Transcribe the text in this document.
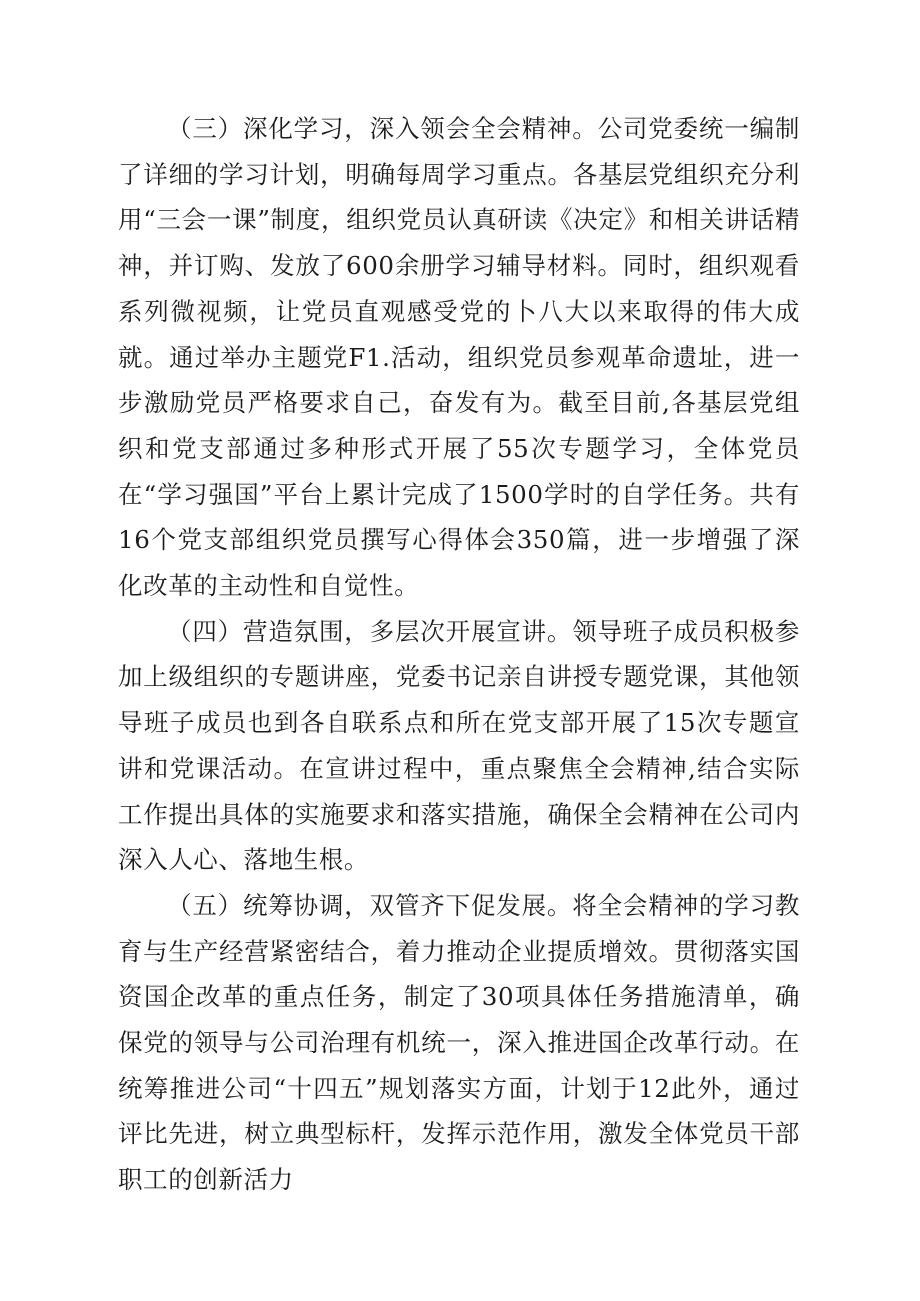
（三）深化学习，深入领会全会精神。公司党委统一编制了详细的学习计划，明确每周学习重点。各基层党组织充分利用“三会一课”制度，组织党员认真研读《决定》和相关讲话精神，并订购、发放了600余册学习辅导材料。同时，组织观看系列微视频，让党员直观感受党的卜八大以来取得的伟大成就。通过举办主题党F1.活动，组织党员参观革命遗址，进一步激励党员严格要求自己，奋发有为。截至目前,各基层党组织和党支部通过多种形式开展了55次专题学习，全体党员在“学习强国”平台上累计完成了1500学时的自学任务。共有16个党支部组织党员撰写心得体会350篇，进一步增强了深化改革的主动性和自觉性。

（四）营造氛围，多层次开展宣讲。领导班子成员积极参加上级组织的专题讲座，党委书记亲自讲授专题党课，其他领导班子成员也到各自联系点和所在党支部开展了15次专题宣讲和党课活动。在宣讲过程中，重点聚焦全会精神,结合实际工作提出具体的实施要求和落实措施，确保全会精神在公司内深入人心、落地生根。

（五）统筹协调，双管齐下促发展。将全会精神的学习教育与生产经营紧密结合，着力推动企业提质增效。贯彻落实国资国企改革的重点任务，制定了30项具体任务措施清单，确保党的领导与公司治理有机统一，深入推进国企改革行动。在统筹推进公司“十四五”规划落实方面，计划于12此外，通过评比先进，树立典型标杆，发挥示范作用，激发全体党员干部职工的创新活力
